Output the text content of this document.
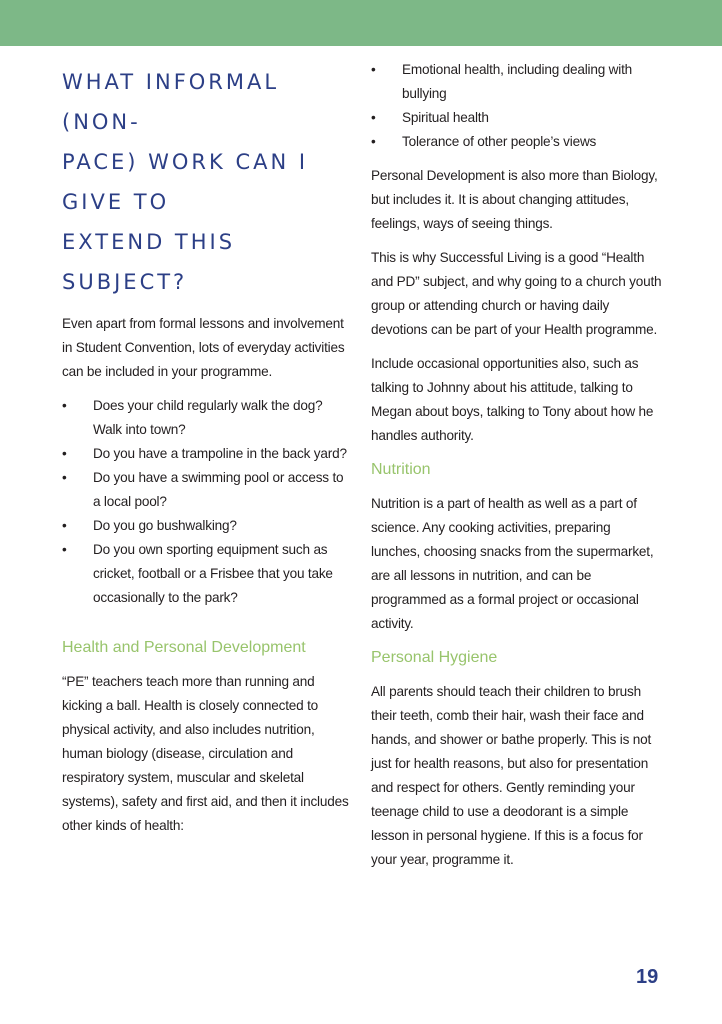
WHAT INFORMAL (NON-
PACE) WORK CAN I GIVE TO
EXTEND THIS SUBJECT?

Even apart from formal lessons and involvement in Student Convention, lots of everyday activities can be included in your programme.

•	Does your child regularly walk the dog? Walk into town?
•	Do you have a trampoline in the back yard?
•	Do you have a swimming pool or access to a local pool?
•	Do you go bushwalking?
•	Do you own sporting equipment such as cricket, football or a Frisbee that you take occasionally to the park?
Health and Personal Development

“PE” teachers teach more than running and kicking a ball. Health is closely connected to physical activity, and also includes nutrition, human biology (disease, circulation and respiratory system, muscular and skeletal systems), safety and first aid, and then it includes other kinds of health:

•	Emotional health, including dealing with bullying
•	Spiritual health
•	Tolerance of other people’s views

Personal Development is also more than Biology, but includes it. It is about changing attitudes, feelings, ways of seeing things.

This is why Successful Living is a good “Health and PD” subject, and why going to a church youth group or attending church or having daily devotions can be part of your Health programme.

Include occasional opportunities also, such as talking to Johnny about his attitude, talking to Megan about boys, talking to Tony about how he handles authority.

Nutrition

Nutrition is a part of health as well as a part of science. Any cooking activities, preparing lunches, choosing snacks from the supermarket, are all lessons in nutrition, and can be programmed as a formal project or occasional activity.

Personal Hygiene

All parents should teach their children to brush their teeth, comb their hair, wash their face and hands, and shower or bathe properly. This is not just for health reasons, but also for presentation and respect for others. Gently reminding your teenage child to use a deodorant is a simple lesson in personal hygiene. If this is a focus for your year, programme it.

19
